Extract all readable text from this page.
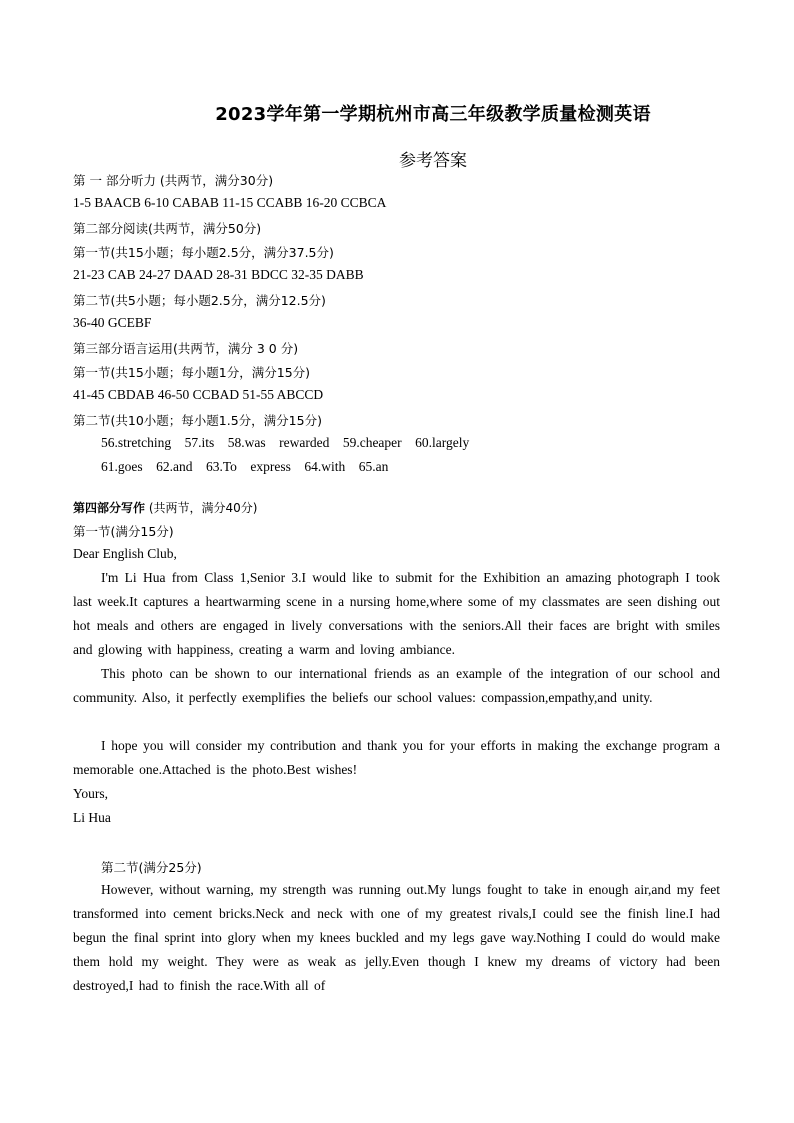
2023学年第一学期杭州市高三年级教学质量检测英语
参考答案
第 一 部分听力 (共两节，满分30分)
1-5 BAACB 6-10 CABAB 11-15 CCABB 16-20 CCBCA
第二部分阅读(共两节，满分50分)
第一节(共15小题；每小题2.5分，满分37.5分)
21-23 CAB 24-27 DAAD 28-31 BDCC 32-35 DABB
第二节(共5小题；每小题2.5分，满分12.5分)
36-40 GCEBF
第三部分语言运用(共两节，满分 3 0 分)
第一节(共15小题；每小题1分，满分15分)
41-45 CBDAB 46-50 CCBAD 51-55 ABCCD
第二节(共10小题；每小题1.5分，满分15分)
56.stretching    57.its    58.was    rewarded    59.cheaper    60.largely
61.goes    62.and    63.To    express    64.with    65.an
第四部分写作 (共两节，满分40分)
第一节(满分15分)
Dear English Club,
I'm Li Hua from Class 1,Senior 3.I would like to submit for the Exhibition an amazing photograph I took last week.It captures a heartwarming scene in a nursing home,where some of my classmates are seen dishing out hot meals and others are engaged in lively conversations with the seniors.All their faces are bright with smiles and glowing with happiness, creating a warm and loving ambiance.
This photo can be shown to our international friends as an example of the integration of our school and community. Also, it perfectly exemplifies the beliefs our school values: compassion,empathy,and unity.
I hope you will consider my contribution and thank you for your efforts in making the exchange program a memorable one.Attached is the photo.Best wishes!
Yours,
Li Hua
第二节(满分25分)
However, without warning, my strength was running out.My lungs fought to take in enough air,and my feet transformed into cement bricks.Neck and neck with one of my greatest rivals,I could see the finish line.I had begun the final sprint into glory when my knees buckled and my legs gave way.Nothing I could do would make them hold my weight. They were as weak as jelly.Even though I knew my dreams of victory had been destroyed,I had to finish the race.With all of
